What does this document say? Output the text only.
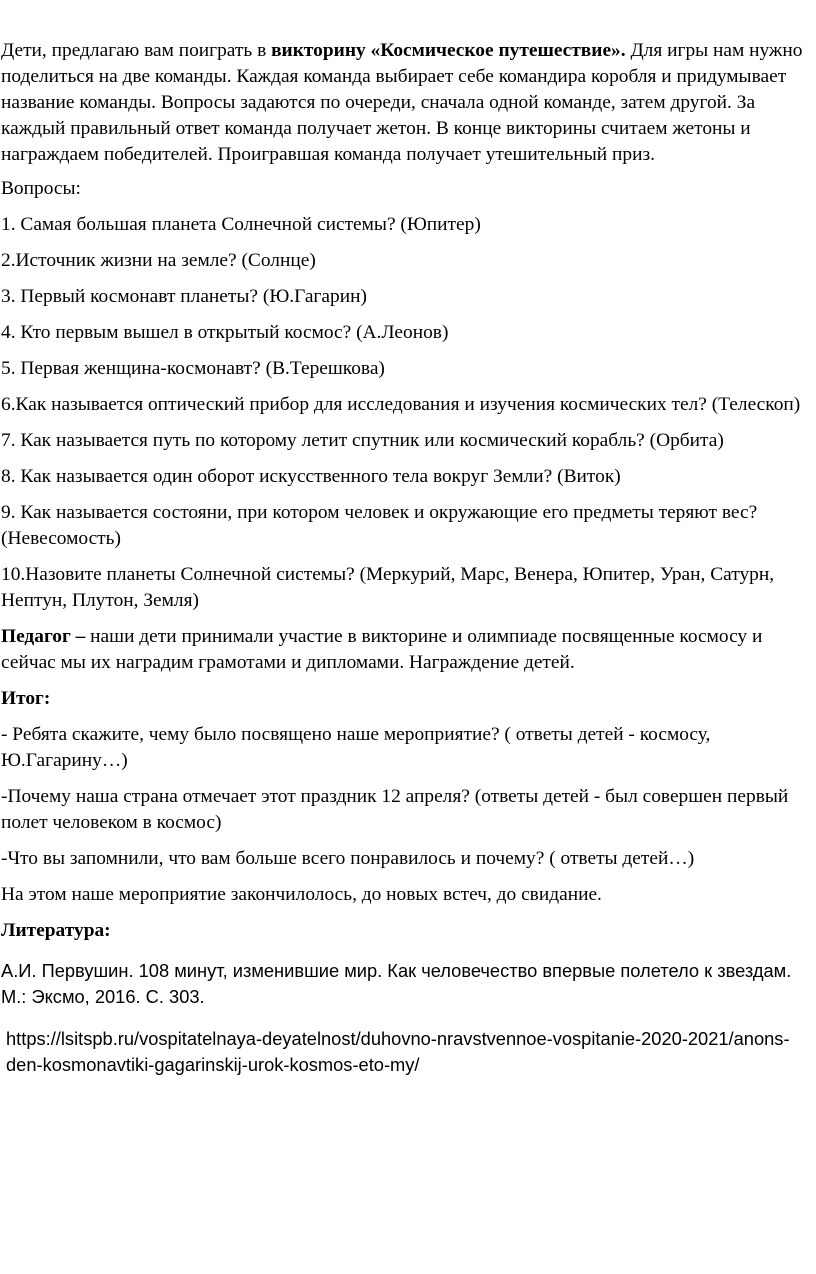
Дети, предлагаю вам поиграть в викторину «Космическое путешествие». Для игры нам нужно поделиться на две команды. Каждая команда выбирает себе командира коробля и придумывает название команды. Вопросы задаются по очереди, сначала одной команде, затем другой. За каждый правильный ответ команда получает жетон. В конце викторины считаем жетоны и награждаем победителей. Проигравшая команда получает утешительный приз.

Вопросы:

1. Самая большая планета Солнечной системы? (Юпитер)

2.Источник жизни на земле? (Солнце)

3. Первый космонавт планеты? (Ю.Гагарин)

4. Кто первым вышел в открытый космос? (А.Леонов)

5. Первая женщина-космонавт? (В.Терешкова)

6.Как называется оптический прибор для исследования и изучения космических тел? (Телескоп)

7. Как называется путь по которому летит спутник или космический корабль? (Орбита)

8. Как называется один оборот искусственного тела вокруг Земли? (Виток)

9. Как называется состояни, при котором человек и окружающие его предметы теряют вес? (Невесомость)

10.Назовите планеты Солнечной системы? (Меркурий, Марс, Венера, Юпитер, Уран, Сатурн, Нептун, Плутон, Земля)

Педагог – наши дети принимали участие в викторине и олимпиаде посвященные космосу и сейчас мы их наградим грамотами и дипломами. Награждение детей.

Итог:

- Ребята скажите, чему было посвящено наше мероприятие? ( ответы детей - космосу, Ю.Гагарину…)

-Почему наша страна отмечает этот праздник 12 апреля? (ответы детей - был совершен первый полет человеком в космос)

-Что вы запомнили, что вам больше всего понравилось и почему? ( ответы детей…)

На этом наше мероприятие закончилолось, до новых встеч, до свидание.

Литература:

А.И. Первушин. 108 минут, изменившие мир. Как человечество впервые полетело к звездам. М.: Эксмо, 2016. С. 303.

https://lsitspb.ru/vospitatelnaya-deyatelnost/duhovno-nravstvennoe-vospitanie-2020-2021/anons-den-kosmonavtiki-gagarinskij-urok-kosmos-eto-my/
